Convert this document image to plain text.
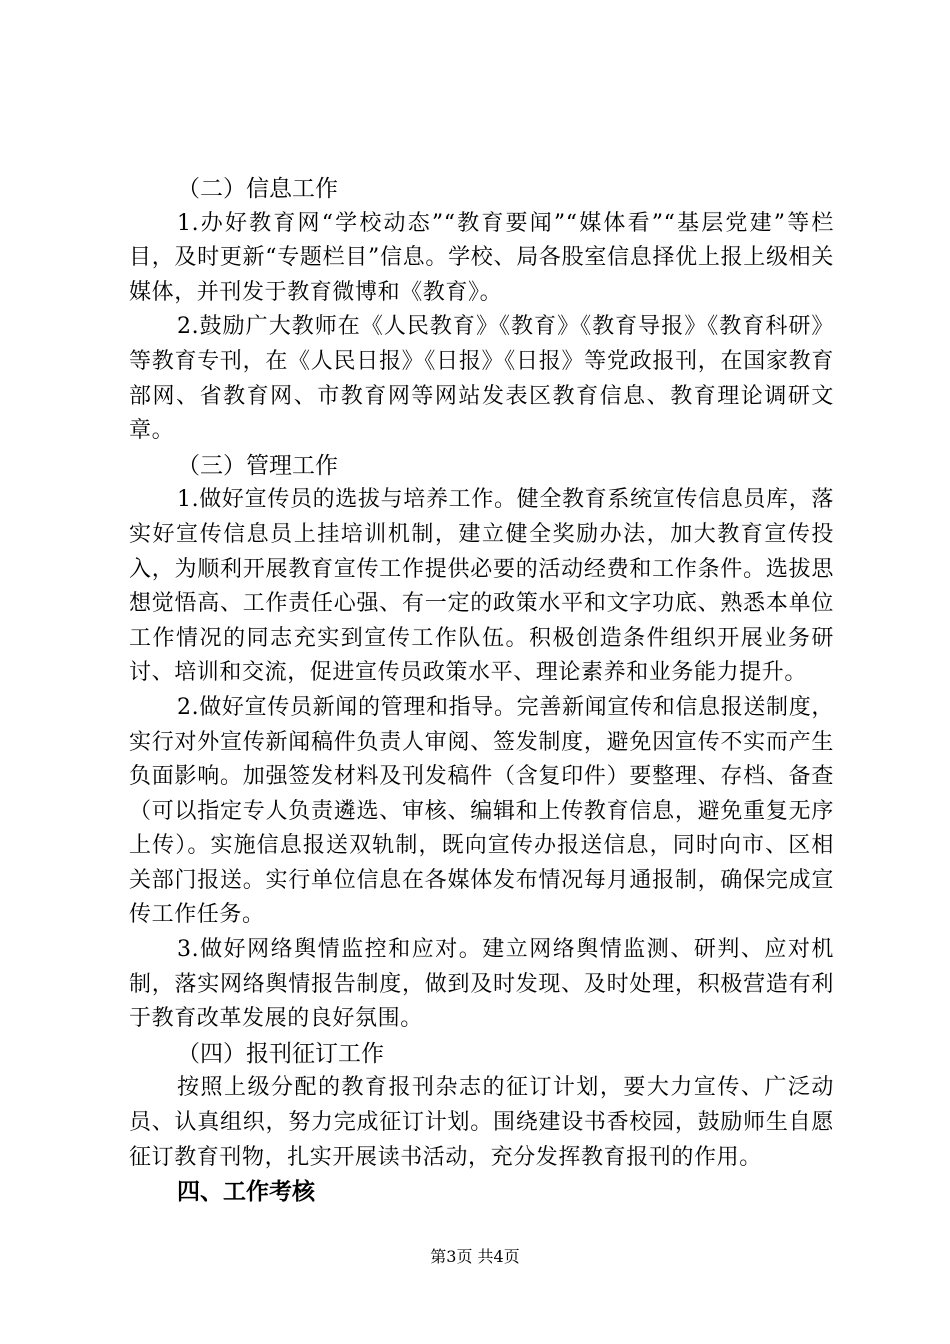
（二）信息工作

1.办好教育网“学校动态”“教育要闻”“媒体看”“基层党建”等栏目，及时更新“专题栏目”信息。学校、局各股室信息择优上报上级相关媒体，并刊发于教育微博和《教育》。

2.鼓励广大教师在《人民教育》《教育》《教育导报》《教育科研》等教育专刊，在《人民日报》《日报》《日报》等党政报刊，在国家教育部网、省教育网、市教育网等网站发表区教育信息、教育理论调研文章。

（三）管理工作

1.做好宣传员的选拔与培养工作。健全教育系统宣传信息员库，落实好宣传信息员上挂培训机制，建立健全奖励办法，加大教育宣传投入，为顺利开展教育宣传工作提供必要的活动经费和工作条件。选拔思想觉悟高、工作责任心强、有一定的政策水平和文字功底、熟悉本单位工作情况的同志充实到宣传工作队伍。积极创造条件组织开展业务研讨、培训和交流，促进宣传员政策水平、理论素养和业务能力提升。

2.做好宣传员新闻的管理和指导。完善新闻宣传和信息报送制度，实行对外宣传新闻稿件负责人审阅、签发制度，避免因宣传不实而产生负面影响。加强签发材料及刊发稿件（含复印件）要整理、存档、备查（可以指定专人负责遴选、审核、编辑和上传教育信息，避免重复无序上传）。实施信息报送双轨制，既向宣传办报送信息，同时向市、区相关部门报送。实行单位信息在各媒体发布情况每月通报制，确保完成宣传工作任务。

3.做好网络舆情监控和应对。建立网络舆情监测、研判、应对机制，落实网络舆情报告制度，做到及时发现、及时处理，积极营造有利于教育改革发展的良好氛围。

（四）报刊征订工作

按照上级分配的教育报刊杂志的征订计划，要大力宣传、广泛动员、认真组织，努力完成征订计划。围绕建设书香校园，鼓励师生自愿征订教育刊物，扎实开展读书活动，充分发挥教育报刊的作用。

四、工作考核

第3页 共4页
